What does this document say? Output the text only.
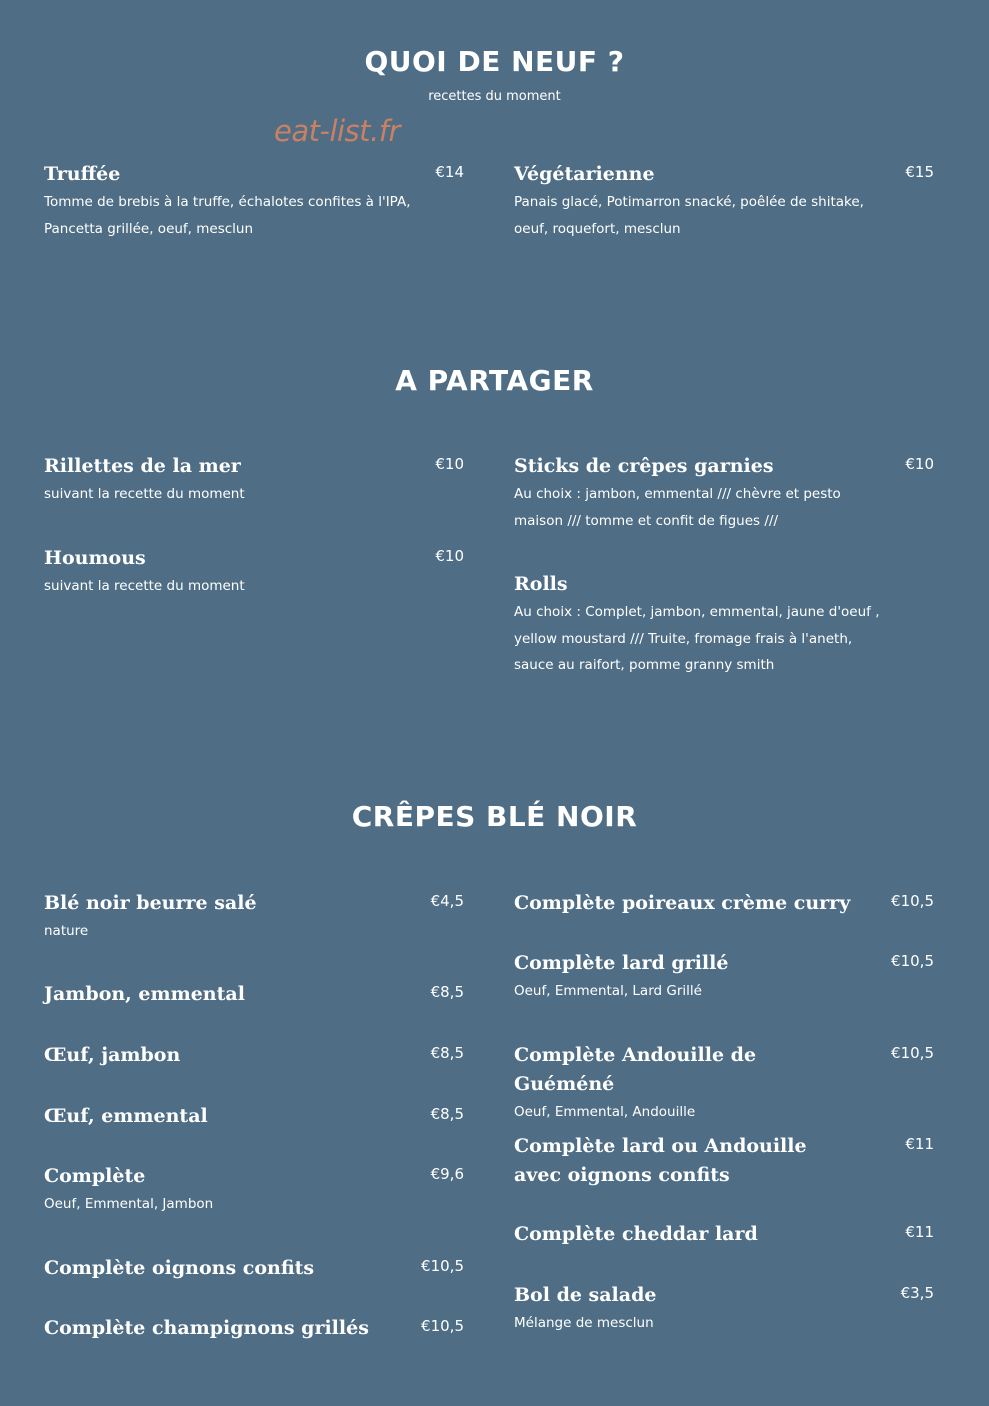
QUOI DE NEUF ?

recettes du moment

eat-list.fr
Truffée	€14
Tomme de brebis à la truffe, échalotes confites à l'IPA, Pancetta grillée, oeuf, mesclun
Végétarienne	€15
Panais glacé, Potimarron snacké, poêlée de shitake, oeuf, roquefort, mesclun
A PARTAGER
Rillettes de la mer	€10
suivant la recette du moment
Houmous	€10
suivant la recette du moment
Sticks de crêpes garnies	€10
Au choix : jambon, emmental /// chèvre et pesto maison /// tomme et confit de figues ///
Rolls
Au choix : Complet, jambon, emmental, jaune d'oeuf , yellow moustard /// Truite, fromage frais à l'aneth, sauce au raifort, pomme granny smith
CRÊPES BLÉ NOIR
Blé noir beurre salé	€4,5
nature
Jambon, emmental	€8,5
Œuf, jambon	€8,5
Œuf, emmental	€8,5
Complète	€9,6
Oeuf, Emmental, Jambon
Complète oignons confits	€10,5
Complète champignons grillés	€10,5
Complète poireaux crème curry	€10,5
Complète lard grillé	€10,5
Oeuf, Emmental, Lard Grillé
Complète Andouille de Guéméné
€10,5
Oeuf, Emmental, Andouille
Complète lard ou Andouille avec oignons confits
€11
Complète cheddar lard	€11
Bol de salade	€3,5
Mélange de mesclun
